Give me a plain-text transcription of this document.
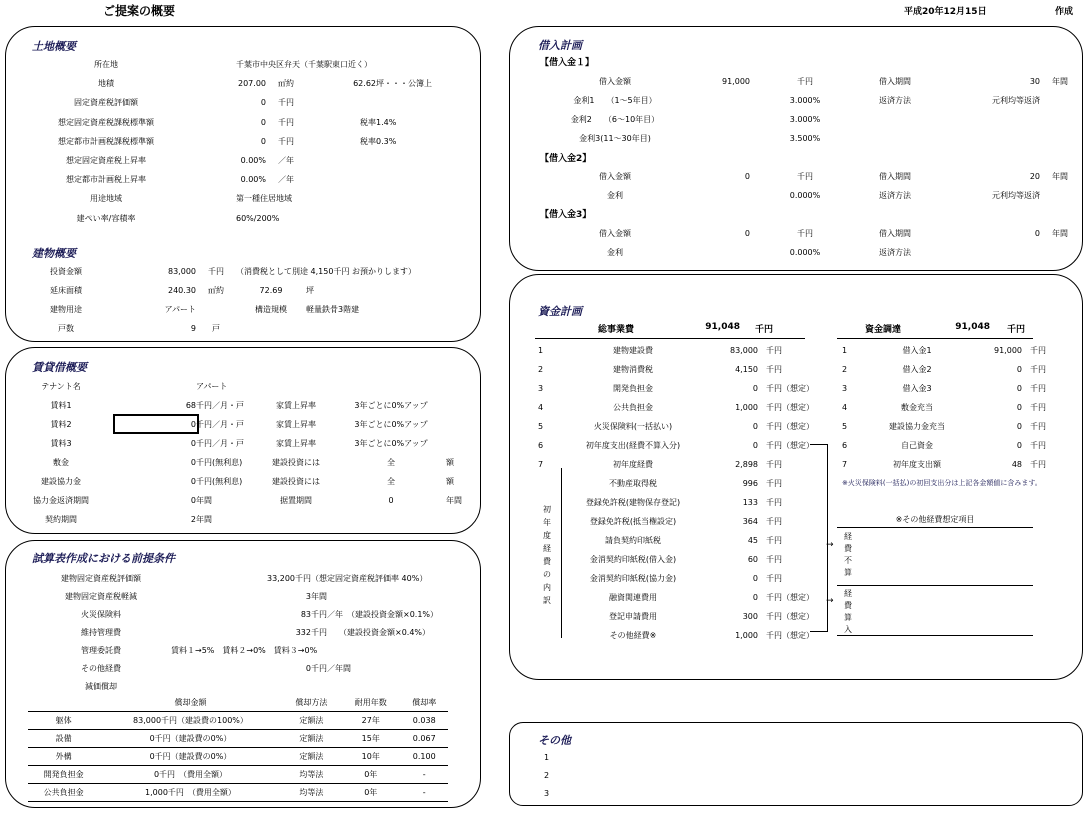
ご提案の概要	平成20年12月15日	作成
土地概要
所在地	千葉市中央区弁天（千葉駅東口近く）
地積	207.00	㎡約	62.62 坪・・・公簿上
固定資産税評価額	0	千円
想定固定資産税課税標準額	0	千円	税率 1.4%
想定都市計画税課税標準額	0	千円	税率 0.3%
想定固定資産税上昇率	0.00%	／年
想定都市計画税上昇率	0.00%	／年
用途地域	第一種住居地域
建ぺい率/容積率	60%/200%
建物概要
投資金額	83,000	千円	（消費税として別途 4,150千円 お預かりします）
延床面積	240.30	㎡約	72.69	坪
建物用途	アパート	構造規模	軽量鉄骨3階建
戸数	9	戸
賃貸借概要
テナント名	アパート
賃料1	68 千円／月・戸	家賃上昇率	3年ごとに0%アップ
賃料2	0 千円／月・戸	家賃上昇率	3年ごとに0%アップ
賃料3	0 千円／月・戸	家賃上昇率	3年ごとに0%アップ
敷金	0 千円(無利息)	建設投資には	全	額
建設協力金	0 千円(無利息)	建設投資には	全	額
協力金返済期間	0 年間	据置期間	0	年間
契約期間	2 年間
試算表作成における前提条件
建物固定資産税評価額	33,200千円 （想定固定資産税評価率 40%）
建物固定資産税軽減	3 年間
火災保険料	83 千円／年　（建設投資金額×0.1%）
維持管理費	332 千円　　（建設投資金額×0.4%）
管理委託費	賃料１→5%　賃料２→0%　賃料３→0%
その他経費	0 千円／年間
減価償却
	償却金額	償却方法	耐用年数	償却率
躯体	83,000千円（建設費の100%）	定額法	27年	0.038
設備	0千円（建設費の0%）	定額法	15年	0.067
外構	0千円（建設費の0%）	定額法	10年	0.100
開発負担金	0千円　（費用全額）	均等法	0年	-
公共負担金	1,000千円　（費用全額）	均等法	0年	-
借入計画
【借入金１】
借入金額	91,000	千円	借入期間	30	年間
金利1　　（1～5年目）	3.000%	返済方法	元利均等返済
金利2　　（6～10年目）	3.000%
金利3(11～30年目)	3.500%
【借入金2】
借入金額	0	千円	借入期間	20	年間
金利	0.000%	返済方法	元利均等返済
【借入金3】
借入金額	0	千円	借入期間	0	年間
金利	0.000%	返済方法
資金計画
総事業費	91,048 千円	資金調達	91,048 千円
1	建物建設費	83,000	千円
2	建物消費税	4,150	千円
3	開発負担金	0	千円（想定）
4	公共負担金	1,000	千円（想定）
5	火災保険料(一括払い)	0	千円（想定）
6	初年度支出(経費不算入分)	0	千円（想定）
7	初年度経費	2,898	千円
不動産取得税	996	千円
登録免許税(建物保存登記)	133	千円
登録免許税(抵当権設定)	364	千円
請負契約印紙税	45	千円
金消契約印紙税(借入金)	60	千円
金消契約印紙税(協力金)	0	千円
融資関連費用	0	千円（想定）
登記申請費用	300	千円（想定）
その他経費※	1,000	千円（想定）
初
年
度
経
費
の
内
訳
1	借入金1	91,000	千円
2	借入金2	0	千円
3	借入金3	0	千円
4	敷金充当	0	千円
5	建設協力金充当	0	千円
6	自己資金	0	千円
7	初年度支出額	48	千円
※火災保険料(一括払)の初回支出分は上記各金額値に含みます。
※その他経費想定項目
→
→
経
費
不
算
経
費
算
入
その他
1
2
3
